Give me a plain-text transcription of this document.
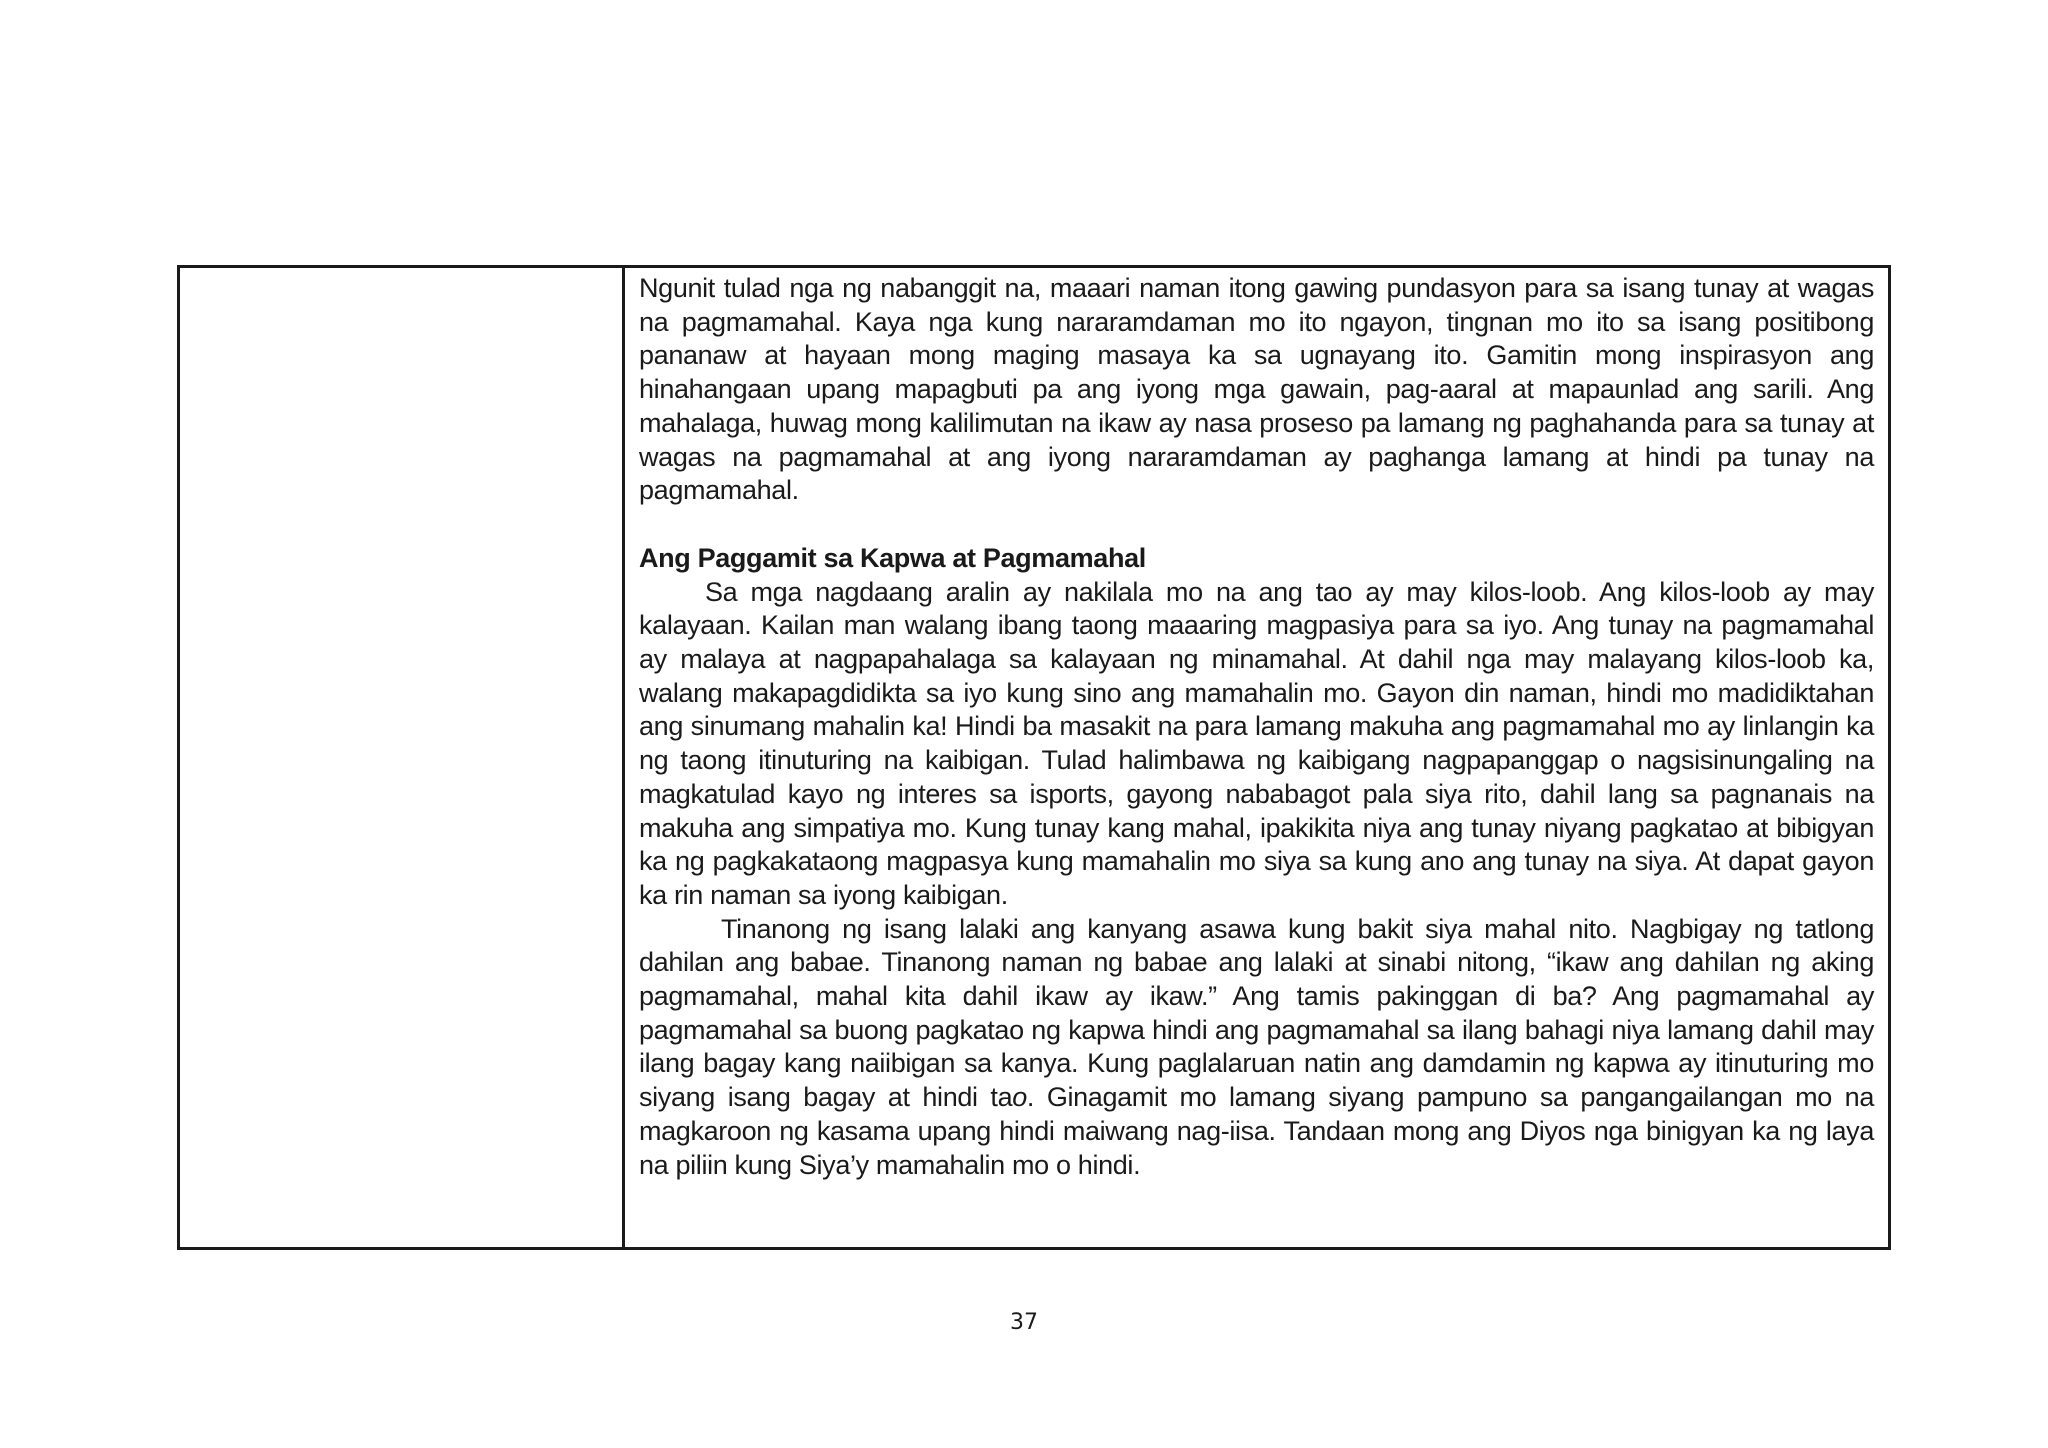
Ngunit tulad nga ng nabanggit na, maaari naman itong gawing pundasyon para sa isang tunay at wagas na pagmamahal. Kaya nga kung nararamdaman mo ito ngayon, tingnan mo ito sa isang positibong pananaw at hayaan mong maging masaya ka sa ugnayang ito. Gamitin mong inspirasyon ang hinahangaan upang mapagbuti pa ang iyong mga gawain, pag-aaral at mapaunlad ang sarili. Ang mahalaga, huwag mong kalilimutan na ikaw ay nasa proseso pa lamang ng paghahanda para sa tunay at wagas na pagmamahal at ang iyong nararamdaman ay paghanga lamang at hindi pa tunay na pagmamahal.

Ang Paggamit sa Kapwa at Pagmamahal

Sa mga nagdaang aralin ay nakilala mo na ang tao ay may kilos-loob. Ang kilos-loob ay may kalayaan. Kailan man walang ibang taong maaaring magpasiya para sa iyo. Ang tunay na pagmamahal ay malaya at nagpapahalaga sa kalayaan ng minamahal. At dahil nga may malayang kilos-loob ka, walang makapagdidikta sa iyo kung sino ang mamahalin mo. Gayon din naman, hindi mo madidiktahan ang sinumang mahalin ka! Hindi ba masakit na para lamang makuha ang pagmamahal mo ay linlangin ka ng taong itinuturing na kaibigan. Tulad halimbawa ng kaibigang nagpapanggap o nagsisinungaling na magkatulad kayo ng interes sa isports, gayong nababagot pala siya rito, dahil lang sa pagnanais na makuha ang simpatiya mo. Kung tunay kang mahal, ipakikita niya ang tunay niyang pagkatao at bibigyan ka ng pagkakataong magpasya kung mamahalin mo siya sa kung ano ang tunay na siya. At dapat gayon ka rin naman sa iyong kaibigan.

Tinanong ng isang lalaki ang kanyang asawa kung bakit siya mahal nito. Nagbigay ng tatlong dahilan ang babae. Tinanong naman ng babae ang lalaki at sinabi nitong, “ikaw ang dahilan ng aking pagmamahal, mahal kita dahil ikaw ay ikaw.” Ang tamis pakinggan di ba? Ang pagmamahal ay pagmamahal sa buong pagkatao ng kapwa hindi ang pagmamahal sa ilang bahagi niya lamang dahil may ilang bagay kang naiibigan sa kanya. Kung paglalaruan natin ang damdamin ng kapwa ay itinuturing mo siyang isang bagay at hindi tao. Ginagamit mo lamang siyang pampuno sa pangangailangan mo na magkaroon ng kasama upang hindi maiwang nag-iisa. Tandaan mong ang Diyos nga binigyan ka ng laya na piliin kung Siya’y mamahalin mo o hindi.

37
